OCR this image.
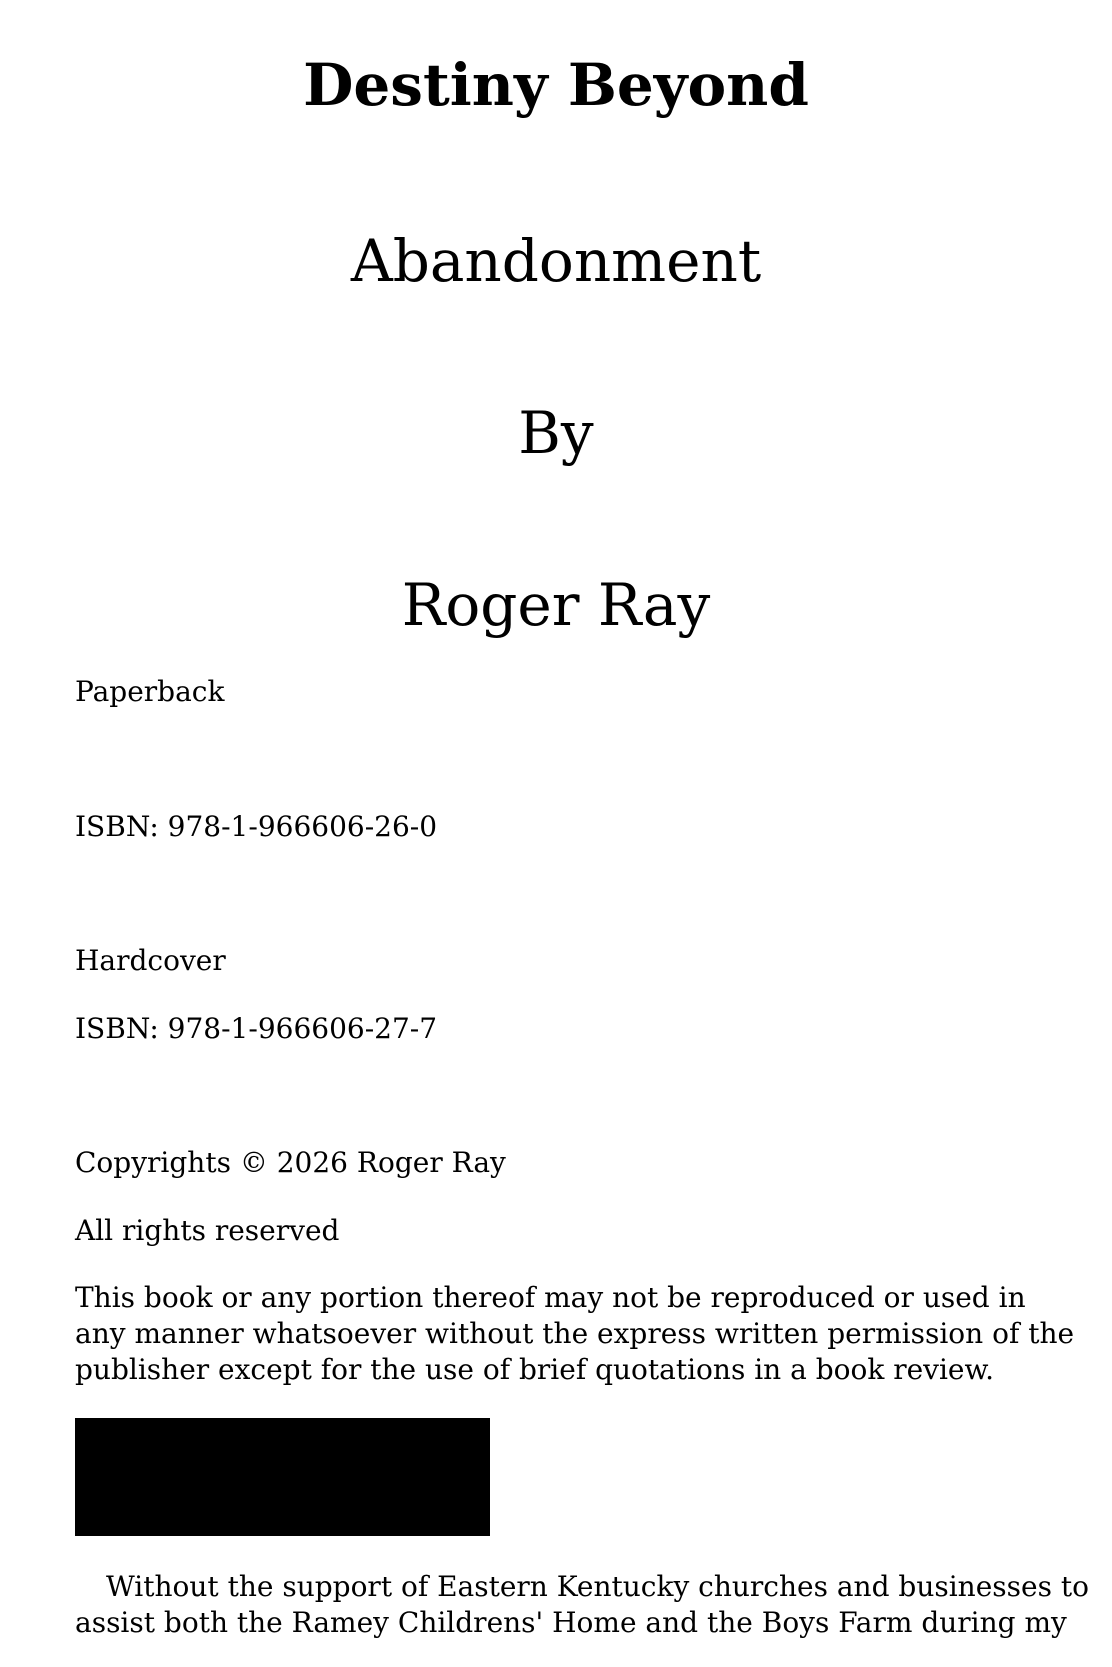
Destiny Beyond
Abandonment
By
Roger Ray
Paperback
ISBN: 978-1-966606-26-0
Hardcover
ISBN: 978-1-966606-27-7
Copyrights © 2026 Roger Ray
All rights reserved
This book or any portion thereof may not be reproduced or used in
any manner whatsoever without the express written permission of the
publisher except for the use of brief quotations in a book review.
Without the support of Eastern Kentucky churches and businesses to
assist both the Ramey Childrens' Home and the Boys Farm during my
